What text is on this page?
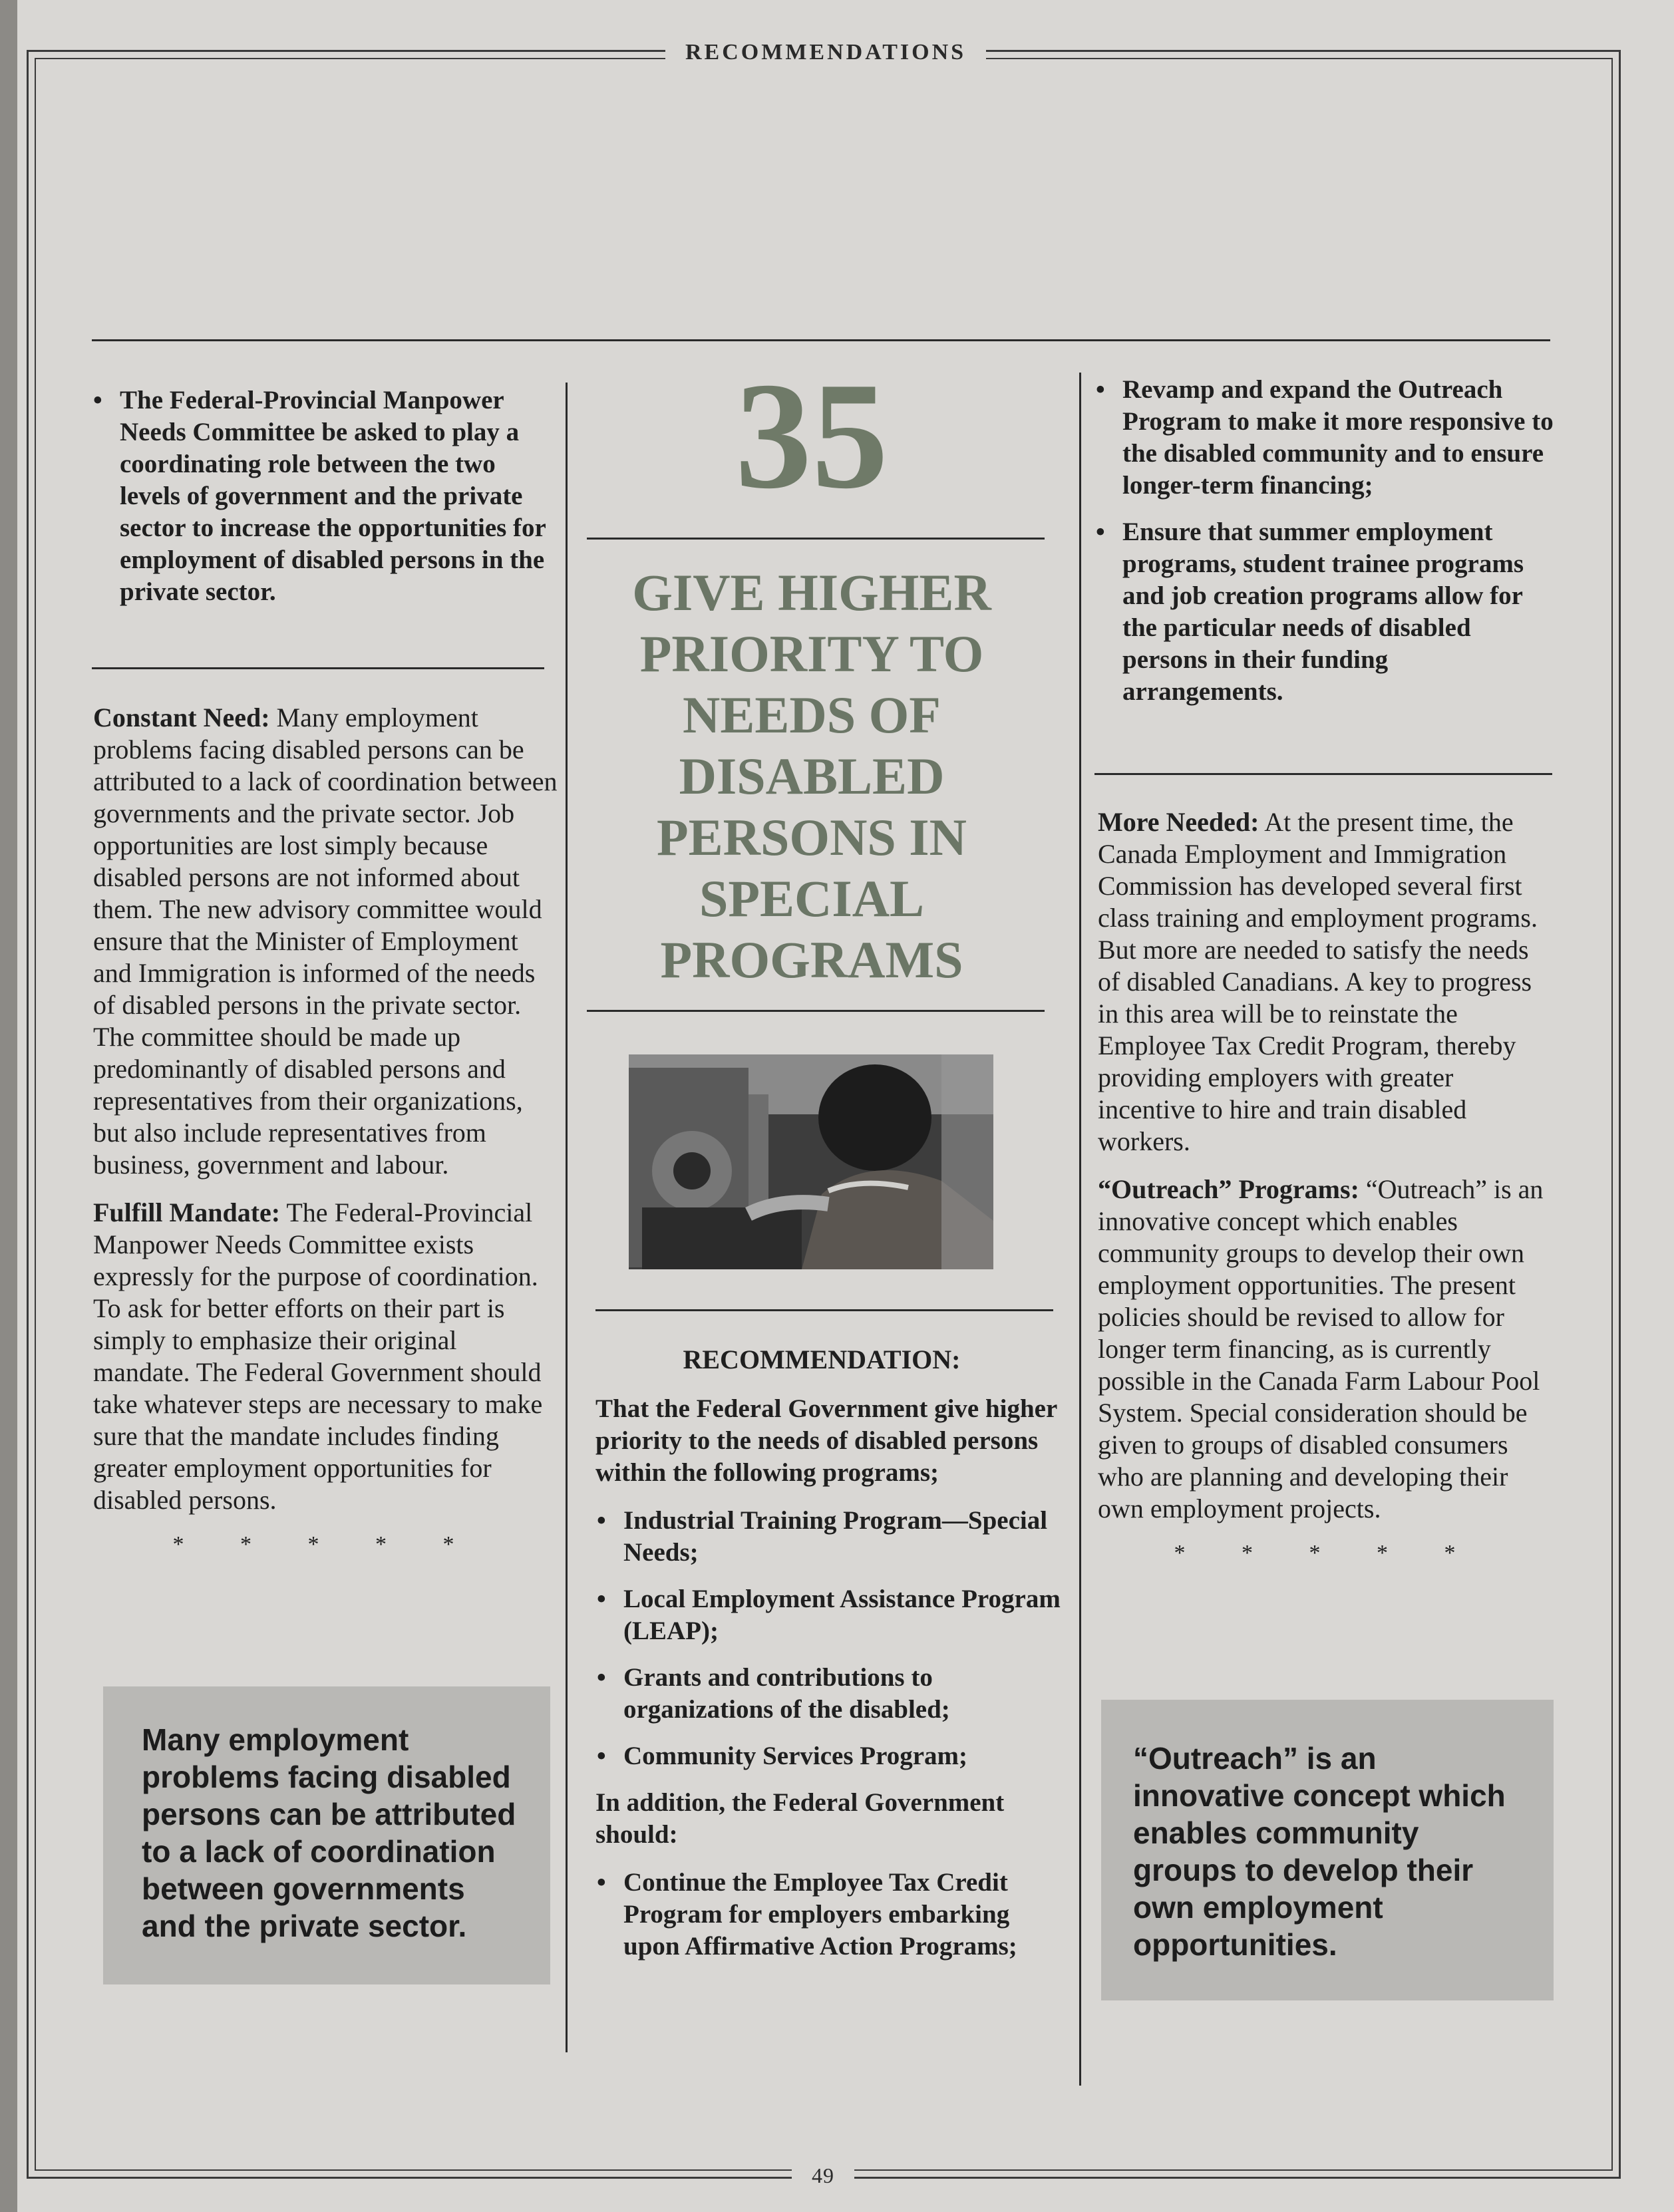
RECOMMENDATIONS
49
• The Federal-Provincial Manpower Needs Committee be asked to play a coordinating role between the two levels of government and the private sector to increase the opportunities for employment of disabled persons in the private sector.

Constant Need: Many employment problems facing disabled persons can be attributed to a lack of coordination between governments and the private sector. Job opportunities are lost simply because disabled persons are not informed about them. The new advisory committee would ensure that the Minister of Employment and Immigration is informed of the needs of disabled persons in the private sector. The committee should be made up predominantly of disabled persons and representatives from their organizations, but also include representatives from business, government and labour.

Fulfill Mandate: The Federal-Provincial Manpower Needs Committee exists expressly for the purpose of coordination. To ask for better efforts on their part is simply to emphasize their original mandate. The Federal Government should take whatever steps are necessary to make sure that the mandate includes finding greater employment opportunities for disabled persons.

* * * * *

Many employment problems facing disabled persons can be attributed to a lack of coordination between governments and the private sector.

35
GIVE HIGHER PRIORITY TO NEEDS OF DISABLED PERSONS IN SPECIAL PROGRAMS
RECOMMENDATION:

That the Federal Government give higher priority to the needs of disabled persons within the following programs;

• Industrial Training Program—Special Needs;
• Local Employment Assistance Program (LEAP);
• Grants and contributions to organizations of the disabled;
• Community Services Program;

In addition, the Federal Government should:

• Continue the Employee Tax Credit Program for employers embarking upon Affirmative Action Programs;
• Revamp and expand the Outreach Program to make it more responsive to the disabled community and to ensure longer-term financing;
• Ensure that summer employment programs, student trainee programs and job creation programs allow for the particular needs of disabled persons in their funding arrangements.

More Needed: At the present time, the Canada Employment and Immigration Commission has developed several first class training and employment programs. But more are needed to satisfy the needs of disabled Canadians. A key to progress in this area will be to reinstate the Employee Tax Credit Program, thereby providing employers with greater incentive to hire and train disabled workers.

“Outreach” Programs: “Outreach” is an innovative concept which enables community groups to develop their own employment opportunities. The present policies should be revised to allow for longer term financing, as is currently possible in the Canada Farm Labour Pool System. Special consideration should be given to groups of disabled consumers who are planning and developing their own employment projects.

* * * * *

“Outreach” is an innovative concept which enables community groups to develop their own employment opportunities.
